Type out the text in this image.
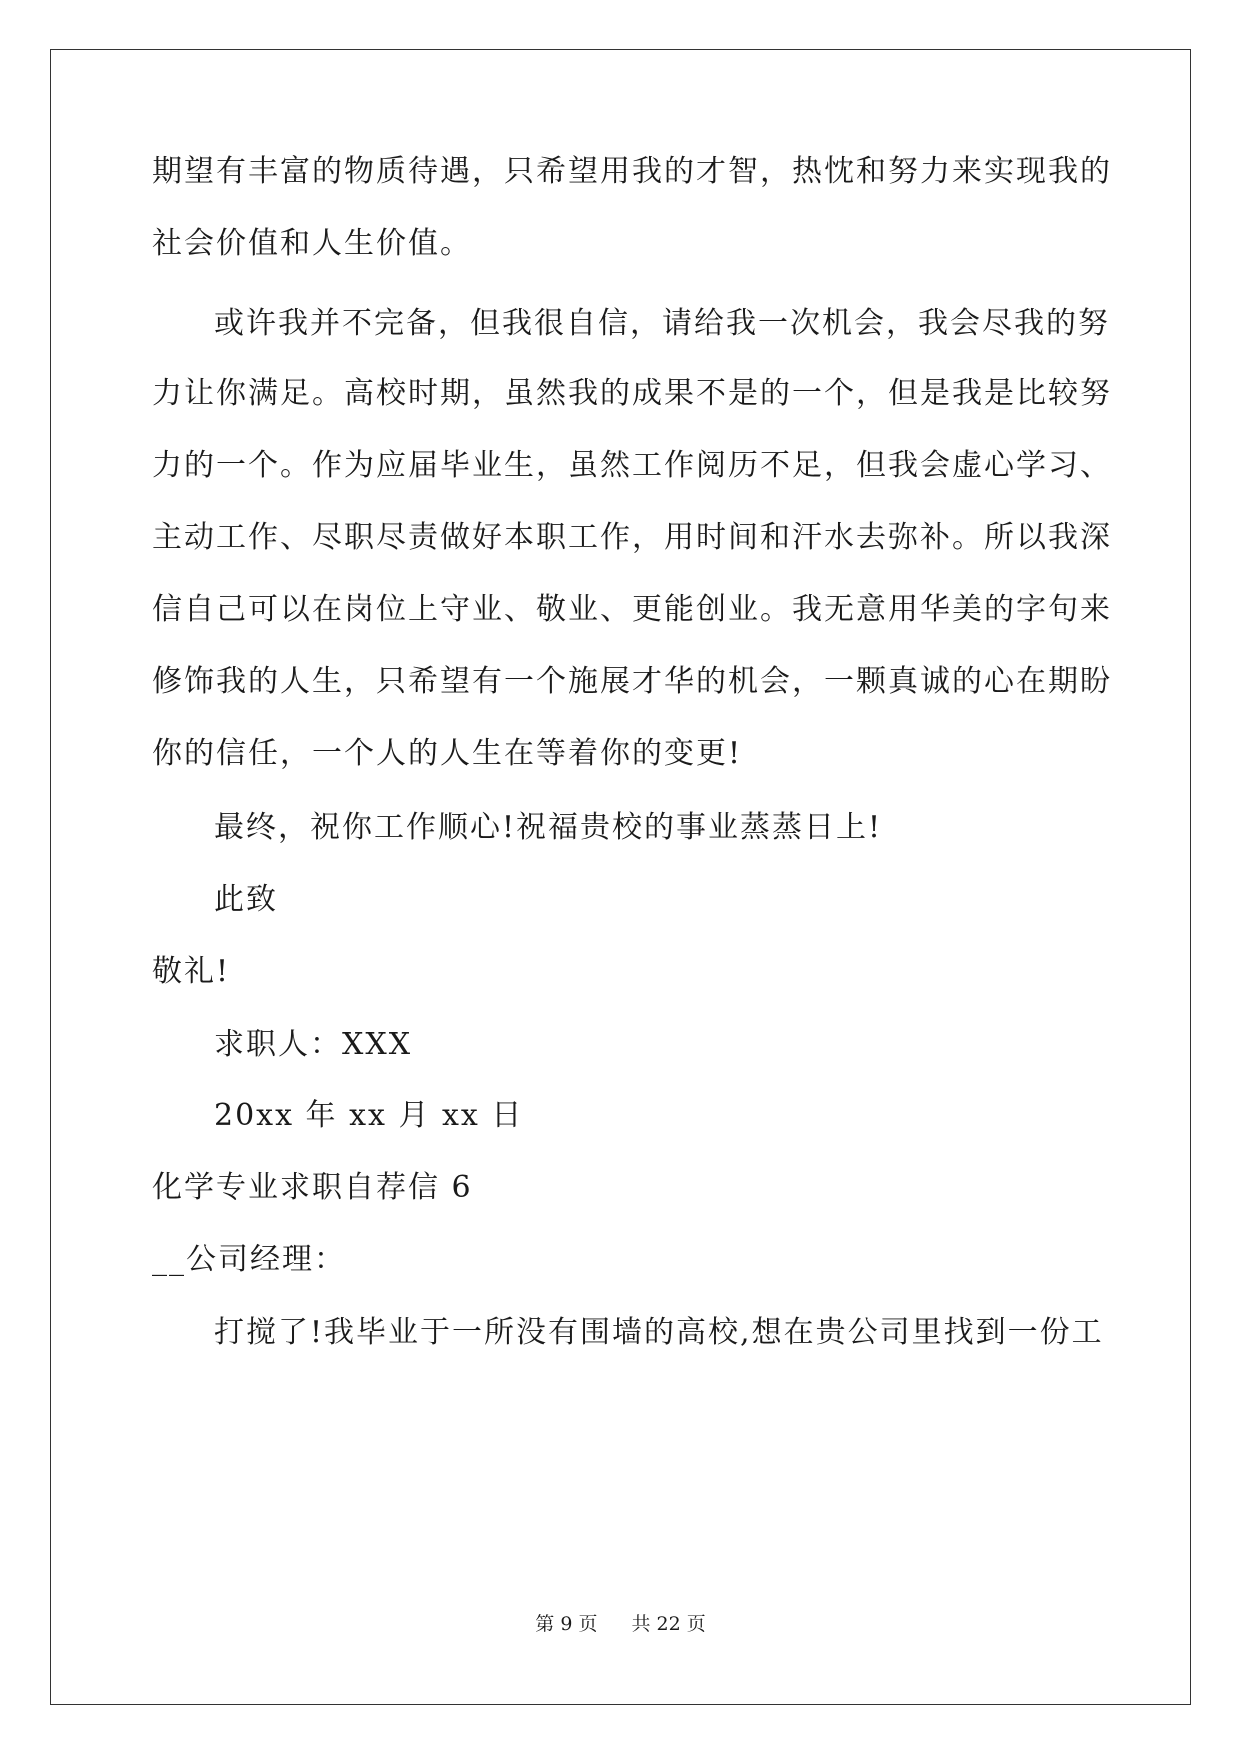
期望有丰富的物质待遇，只希望用我的才智，热忱和努力来实现我的
社会价值和人生价值。
或许我并不完备，但我很自信，请给我一次机会，我会尽我的努
力让你满足。高校时期，虽然我的成果不是的一个，但是我是比较努
力的一个。作为应届毕业生，虽然工作阅历不足，但我会虚心学习、
主动工作、尽职尽责做好本职工作，用时间和汗水去弥补。所以我深
信自己可以在岗位上守业、敬业、更能创业。我无意用华美的字句来
修饰我的人生，只希望有一个施展才华的机会，一颗真诚的心在期盼
你的信任，一个人的人生在等着你的变更!
最终，祝你工作顺心!祝福贵校的事业蒸蒸日上!
此致
敬礼!
求职人：XXX
20xx 年 xx 月 xx 日
化学专业求职自荐信 6
__公司经理：
打搅了!我毕业于一所没有围墙的高校,想在贵公司里找到一份工
第 9 页 共 22 页
